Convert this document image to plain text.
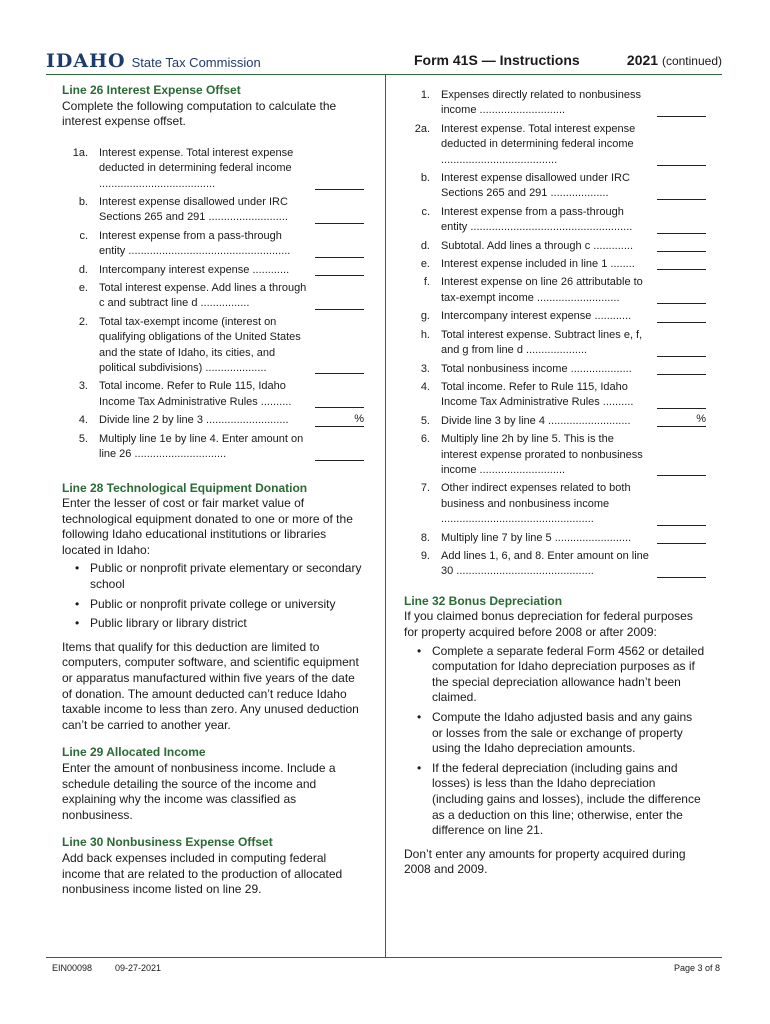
IDAHO State Tax Commission	Form 41S — Instructions	2021 (continued)
Line 26 Interest Expense Offset

Complete the following computation to calculate the interest expense offset.

1a. Interest expense. Total interest expense deducted in determining federal income ......................................
b. Interest expense disallowed under IRC Sections 265 and 291 ..........................
c. Interest expense from a pass-through entity .....................................................
d. Intercompany interest expense ............
e. Total interest expense. Add lines a through c and subtract line d ................
2. Total tax-exempt income (interest on qualifying obligations of the United States and the state of Idaho, its cities, and political subdivisions) ....................
3. Total income. Refer to Rule 115, Idaho Income Tax Administrative Rules ..........
4. Divide line 2 by line 3 ...........................	%
5. Multiply line 1e by line 4. Enter amount on line 26 ..............................
Line 28 Technological Equipment Donation

Enter the lesser of cost or fair market value of technological equipment donated to one or more of the following Idaho educational institutions or libraries located in Idaho:

• Public or nonprofit private elementary or secondary school
• Public or nonprofit private college or university
• Public library or library district

Items that qualify for this deduction are limited to computers, computer software, and scientific equipment or apparatus manufactured within five years of the date of donation. The amount deducted can’t reduce Idaho taxable income to less than zero. Any unused deduction can’t be carried to another year.

Line 29 Allocated Income

Enter the amount of nonbusiness income. Include a schedule detailing the source of the income and explaining why the income was classified as nonbusiness.

Line 30 Nonbusiness Expense Offset

Add back expenses included in computing federal income that are related to the production of allocated nonbusiness income listed on line 29.

1. Expenses directly related to nonbusiness income ............................
2a. Interest expense. Total interest expense deducted in determining federal income ......................................
b. Interest expense disallowed under IRC Sections 265 and 291 ...................
c. Interest expense from a pass-through entity .....................................................
d. Subtotal. Add lines a through c .............
e. Interest expense included in line 1 ........
f. Interest expense on line 26 attributable to tax-exempt income ...........................
g. Intercompany interest expense ............
h. Total interest expense. Subtract lines e, f, and g from line d ....................
3. Total nonbusiness income ....................
4. Total income. Refer to Rule 115, Idaho Income Tax Administrative Rules ..........
5. Divide line 3 by line 4 ...........................	%
6. Multiply line 2h by line 5. This is the interest expense prorated to nonbusiness income ............................
7. Other indirect expenses related to both business and nonbusiness income ..................................................
8. Multiply line 7 by line 5 .........................
9. Add lines 1, 6, and 8. Enter amount on line 30 .............................................
Line 32 Bonus Depreciation

If you claimed bonus depreciation for federal purposes for property acquired before 2008 or after 2009:

• Complete a separate federal Form 4562 or detailed computation for Idaho depreciation purposes as if the special depreciation allowance hadn’t been claimed.
• Compute the Idaho adjusted basis and any gains or losses from the sale or exchange of property using the Idaho depreciation amounts.
• If the federal depreciation (including gains and losses) is less than the Idaho depreciation (including gains and losses), include the difference as a deduction on this line; otherwise, enter the difference on line 21.

Don’t enter any amounts for property acquired during 2008 and 2009.

EIN00098	09-27-2021	Page 3 of 8
